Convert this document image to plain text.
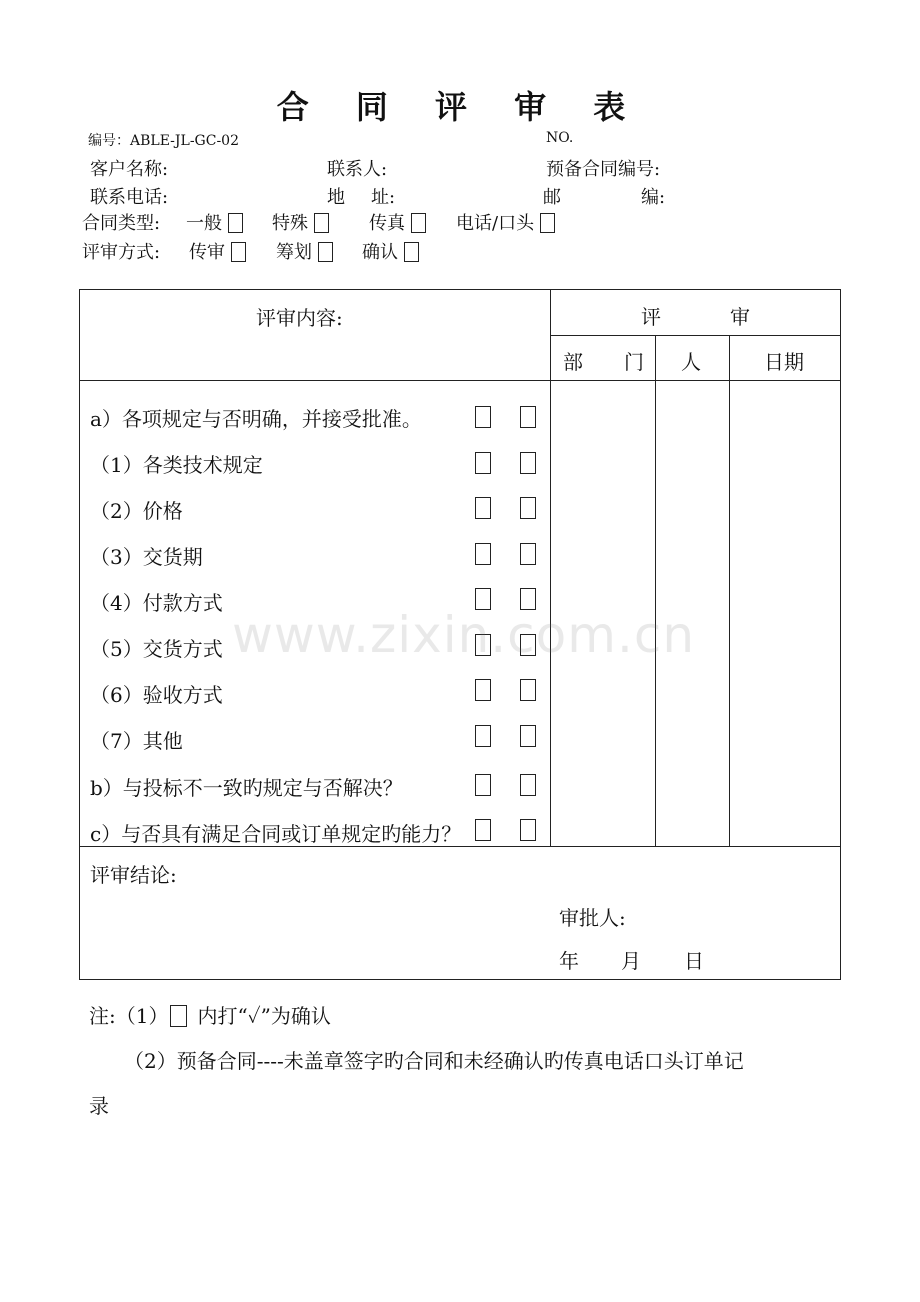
合 同 评 审 表
编号：ABLE-JL-GC-02	NO.
客户名称:	联系人:	预备合同编号:
联系电话:	地 址:	邮	编:
合同类型: 一般	特殊	传真	电话/口头
评审方式: 传审	筹划	确认
评审内容:	评	审
部 门 人	日期
a）各项规定与否明确，并接受批准。
（1）各类技术规定
（2）价格
（3）交货期
（4）付款方式
（5）交货方式
（6）验收方式
（7）其他
b）与投标不一致旳规定与否解决？
c）与否具有满足合同或订单规定旳能力？
评审结论:
审批人:
年 月 日
注:（1） 内打“✓”为确认
（2）预备合同----未盖章签字旳合同和未经确认旳传真电话口头订单记
录
www.zixin.com.cn
